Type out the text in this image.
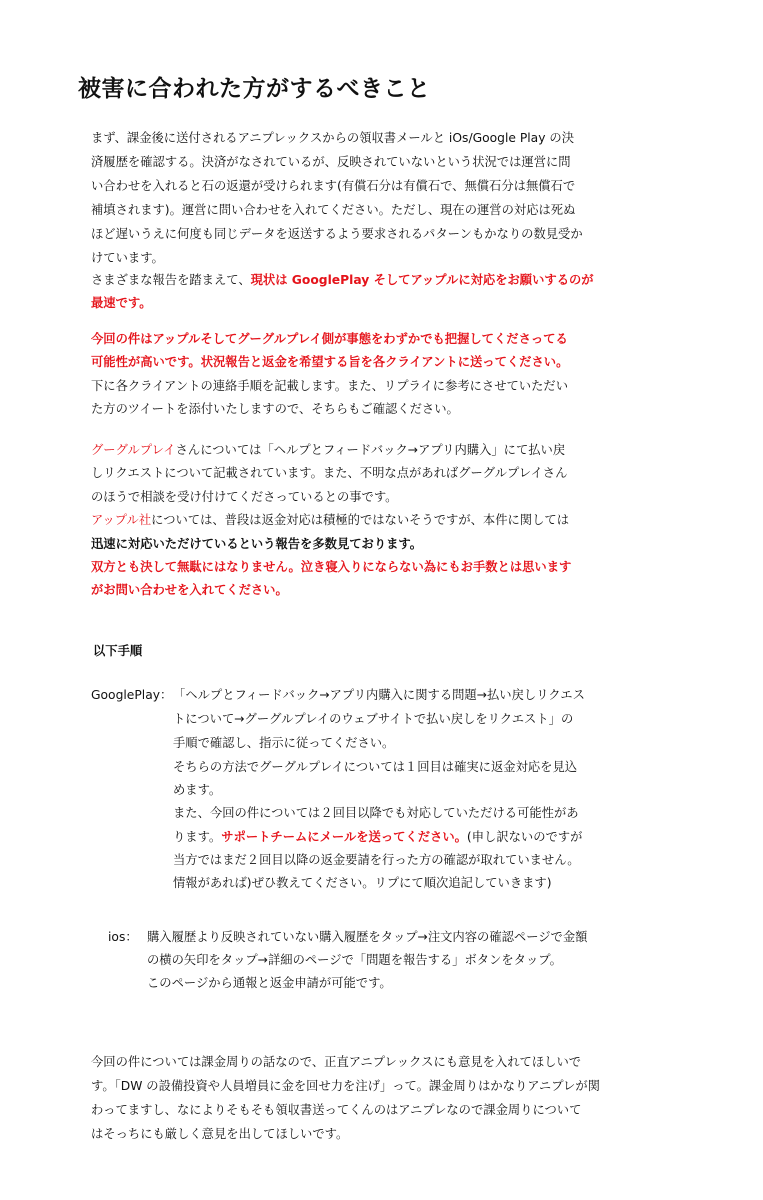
被害に合われた方がするべきこと
まず、課金後に送付されるアニプレックスからの領収書メールと iOs/Google Play の決
済履歴を確認する。決済がなされているが、反映されていないという状況では運営に問
い合わせを入れると石の返還が受けられます(有償石分は有償石で、無償石分は無償石で
補填されます)。運営に問い合わせを入れてください。ただし、現在の運営の対応は死ぬ
ほど遅いうえに何度も同じデータを返送するよう要求されるパターンもかなりの数見受か
けています。
さまざまな報告を踏まえて、現状は GooglePlay そしてアップルに対応をお願いするのが
最速です。
今回の件はアップルそしてグーグルプレイ側が事態をわずかでも把握してくださってる
可能性が高いです。状況報告と返金を希望する旨を各クライアントに送ってください。
下に各クライアントの連絡手順を記載します。また、リプライに参考にさせていただい
た方のツイートを添付いたしますので、そちらもご確認ください。
グーグルプレイさんについては「ヘルプとフィードバック→アプリ内購入」にて払い戻
しリクエストについて記載されています。また、不明な点があればグーグルプレイさん
のほうで相談を受け付けてくださっているとの事です。
アップル社については、普段は返金対応は積極的ではないそうですが、本件に関しては
迅速に対応いただけているという報告を多数見ております。
双方とも決して無駄にはなりません。泣き寝入りにならない為にもお手数とは思います
がお問い合わせを入れてください。
以下手順
GooglePlay： 「ヘルプとフィードバック→アプリ内購入に関する問題→払い戻しリクエス
トについて→グーグルプレイのウェブサイトで払い戻しをリクエスト」の
手順で確認し、指示に従ってください。
そちらの方法でグーグルプレイについては１回目は確実に返金対応を見込
めます。
また、今回の件については２回目以降でも対応していただける可能性があ
ります。サポートチームにメールを送ってください。(申し訳ないのですが
当方ではまだ２回目以降の返金要請を行った方の確認が取れていません。
情報があれば)ぜひ教えてください。リプにて順次追記していきます)
ios： 購入履歴より反映されていない購入履歴をタップ→注文内容の確認ページで金額
の横の矢印をタップ→詳細のページで「問題を報告する」ボタンをタップ。
このページから通報と返金申請が可能です。
今回の件については課金周りの話なので、正直アニプレックスにも意見を入れてほしいで
す。「DW の設備投資や人員増員に金を回せ力を注げ」って。課金周りはかなりアニプレが関
わってますし、なによりそもそも領収書送ってくんのはアニプレなので課金周りについて
はそっちにも厳しく意見を出してほしいです。
